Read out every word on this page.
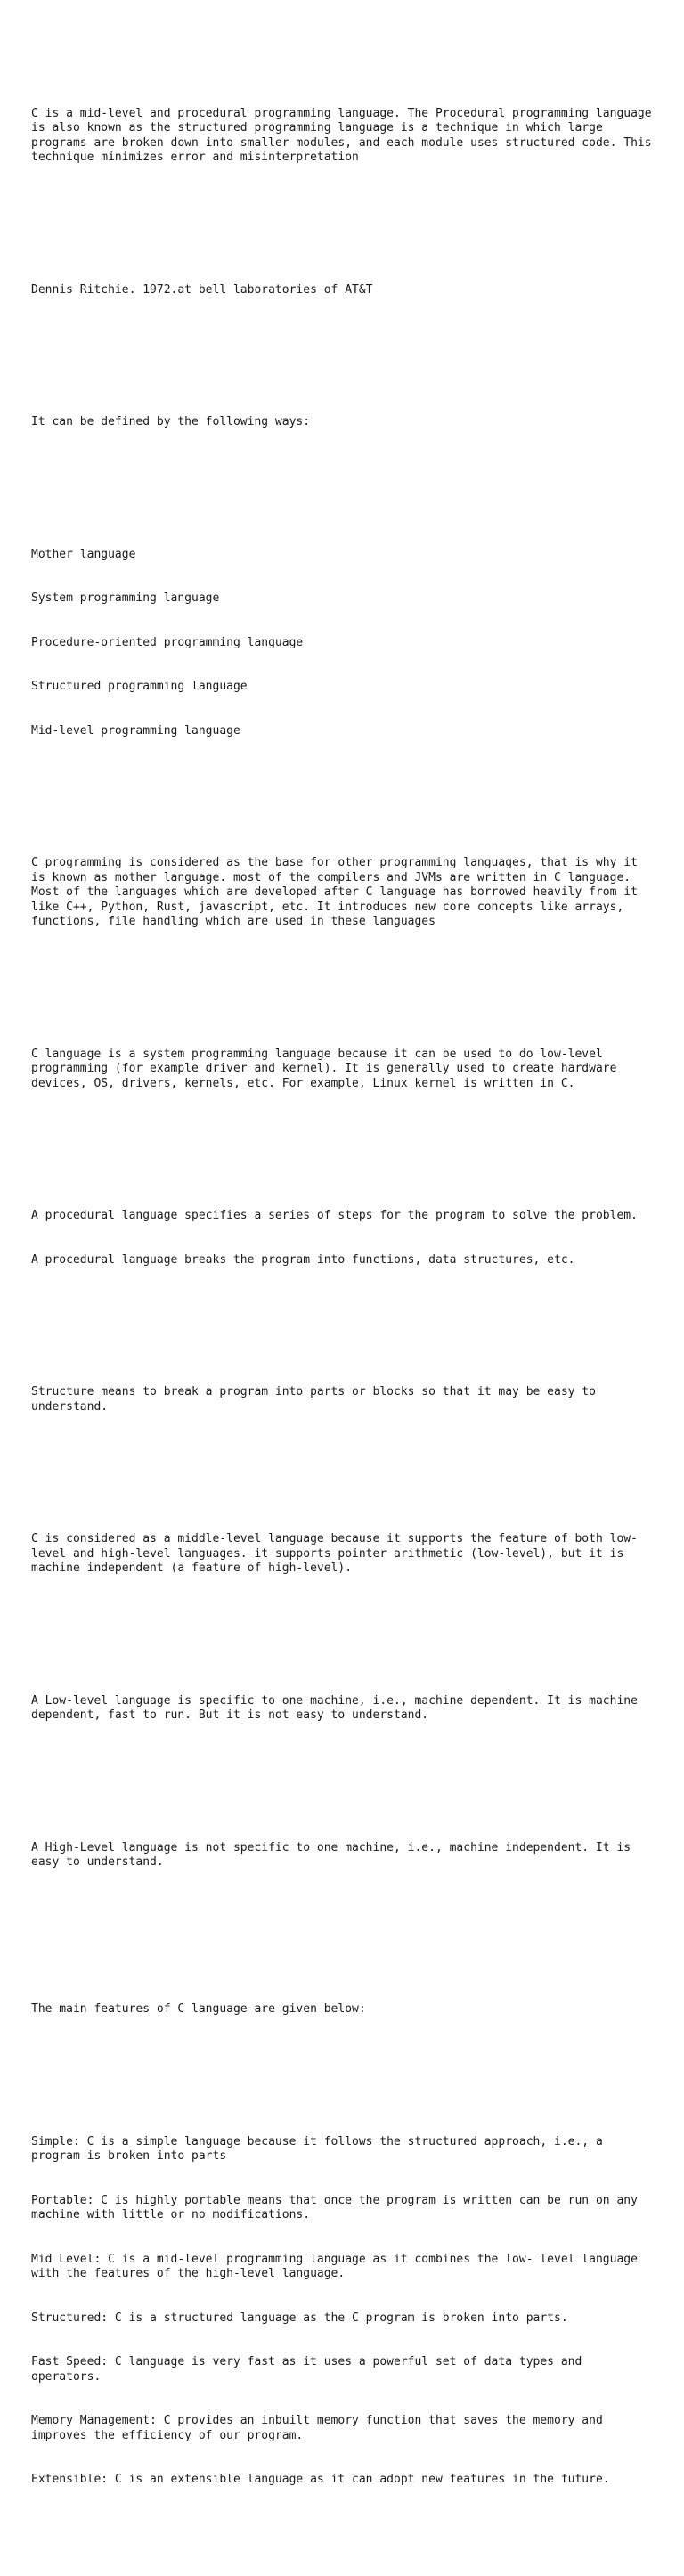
C is a mid-level and procedural programming language. The Procedural programming language is also known as the structured programming language is a technique in which large programs are broken down into smaller modules, and each module uses structured code. This technique minimizes error and misinterpretation

Dennis Ritchie. 1972.at bell laboratories of AT&T

It can be defined by the following ways:

Mother language

System programming language

Procedure-oriented programming language

Structured programming language

Mid-level programming language

C programming is considered as the base for other programming languages, that is why it is known as mother language. most of the compilers and JVMs are written in C language. Most of the languages which are developed after C language has borrowed heavily from it like C++, Python, Rust, javascript, etc. It introduces new core concepts like arrays, functions, file handling which are used in these languages

C language is a system programming language because it can be used to do low-level programming (for example driver and kernel). It is generally used to create hardware devices, OS, drivers, kernels, etc. For example, Linux kernel is written in C.

A procedural language specifies a series of steps for the program to solve the problem.

A procedural language breaks the program into functions, data structures, etc.

Structure means to break a program into parts or blocks so that it may be easy to understand.

C is considered as a middle-level language because it supports the feature of both low-level and high-level languages. it supports pointer arithmetic (low-level), but it is machine independent (a feature of high-level).

A Low-level language is specific to one machine, i.e., machine dependent. It is machine dependent, fast to run. But it is not easy to understand.

A High-Level language is not specific to one machine, i.e., machine independent. It is easy to understand.

The main features of C language are given below:

Simple: C is a simple language because it follows the structured approach, i.e., a program is broken into parts

Portable: C is highly portable means that once the program is written can be run on any machine with little or no modifications.

Mid Level: C is a mid-level programming language as it combines the low- level language with the features of the high-level language.

Structured: C is a structured language as the C program is broken into parts.

Fast Speed: C language is very fast as it uses a powerful set of data types and operators.

Memory Management: C provides an inbuilt memory function that saves the memory and improves the efficiency of our program.

Extensible: C is an extensible language as it can adopt new features in the future.
